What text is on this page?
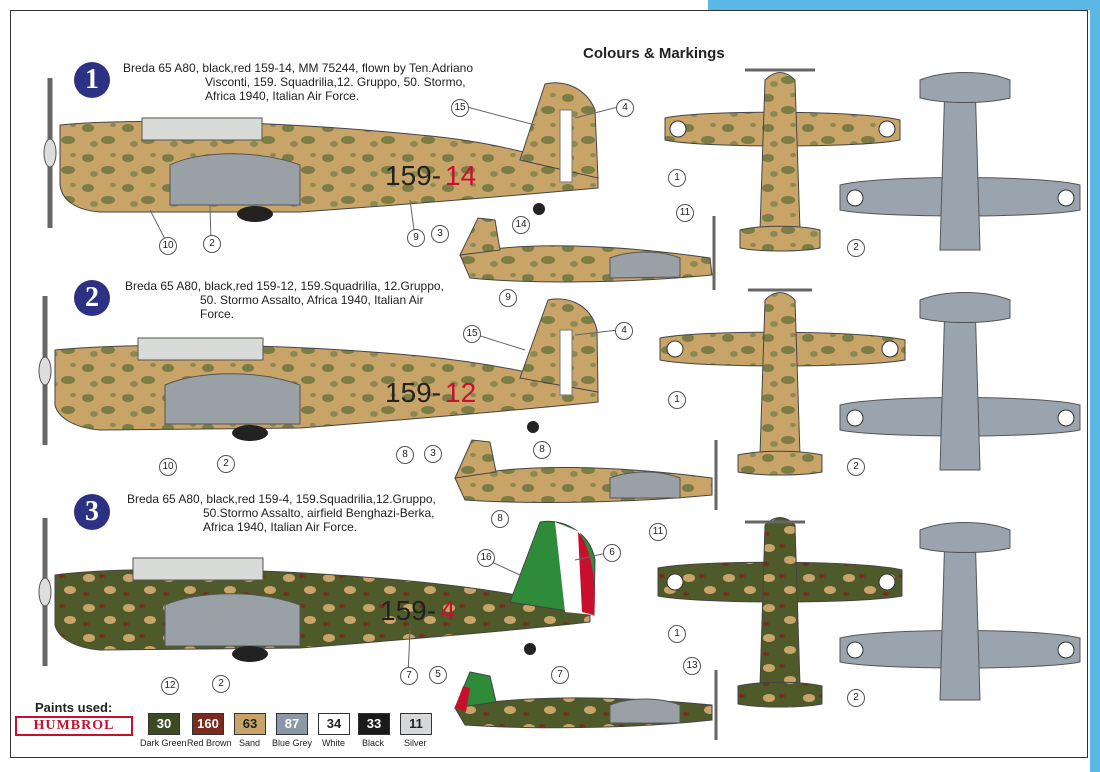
159- 14
159- 12
159- 4
Colours & Markings
1	Breda 65 A80, black,red 159-14, MM 75244, flown by Ten.Adriano
Visconti, 159. Squadrilia,12. Gruppo, 50. Stormo,
Africa 1940, Italian Air Force.
15	4
10	2
9	3
14
11
9
1
2
2	Breda 65 A80, black,red 159-12, 159.Squadrilia, 12.Gruppo,
50. Stormo Assalto, Africa 1940, Italian Air
Force.
15	4
10	2
8	3	8
8
11
1
2
3	Breda 65 A80, black,red 159-4, 159.Squadrilia,12.Gruppo,
50.Stormo Assalto, airfield Benghazi-Berka,
Africa 1940, Italian Air Force.
16	6
12	2
7	5	7
13
1
2
Paints used:
HUMBROL	30
Dark Green
160
Red Brown
63
Sand
87
Blue Grey
34
White
33
Black
11
Silver
